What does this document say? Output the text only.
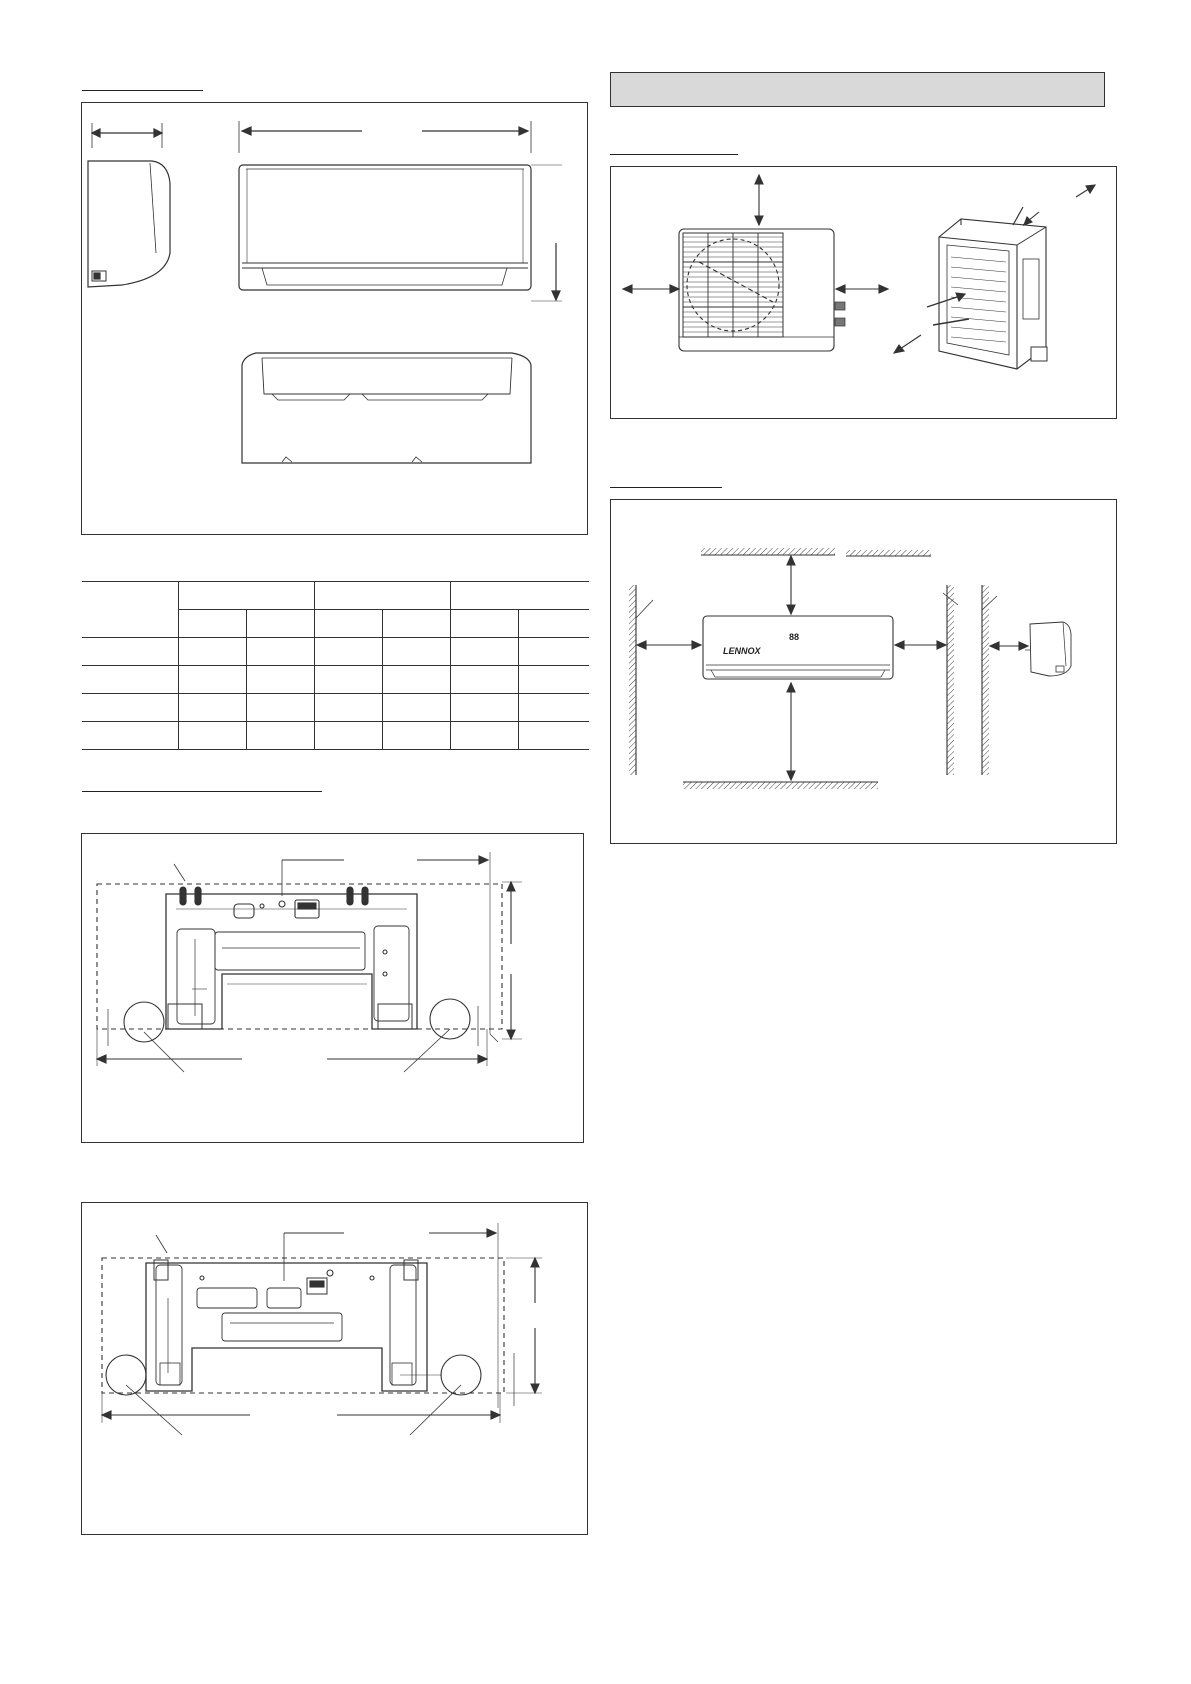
LENNOX
88
